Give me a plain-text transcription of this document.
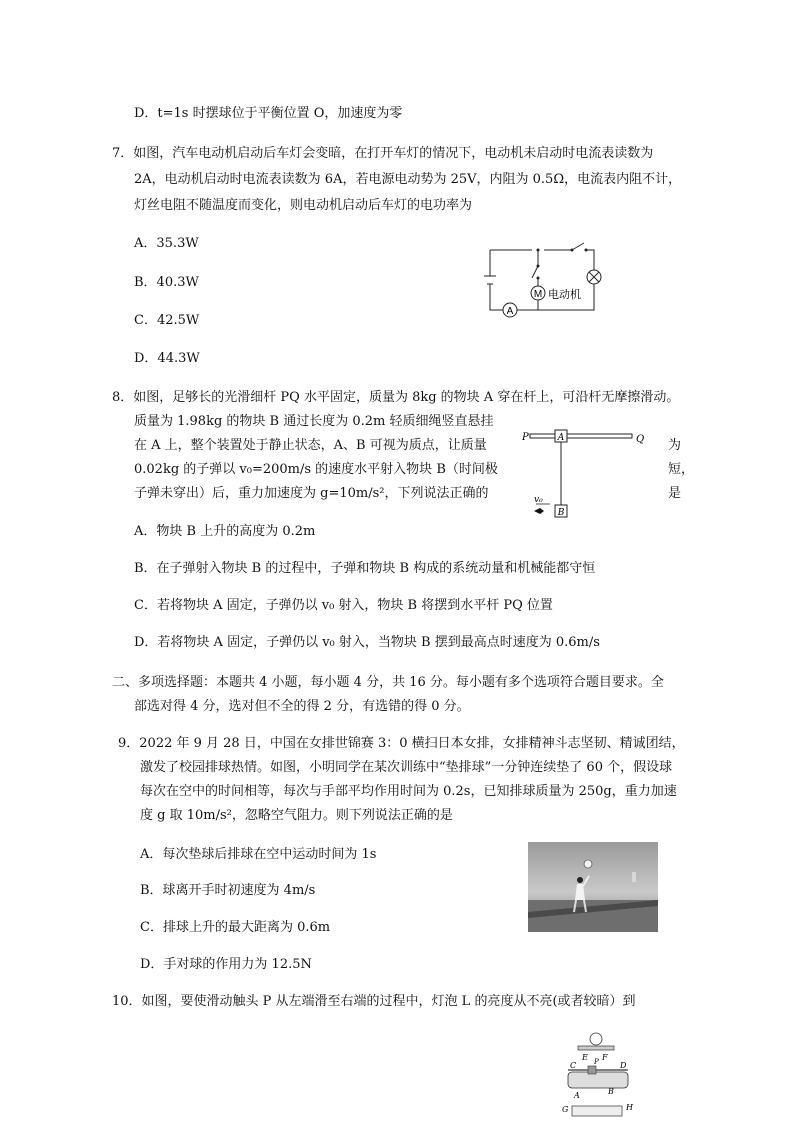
D．t=1s 时摆球位于平衡位置 O，加速度为零
7．如图，汽车电动机启动后车灯会变暗，在打开车灯的情况下，电动机未启动时电流表读数为
2A，电动机启动时电流表读数为 6A，若电源电动势为 25V，内阻为 0.5Ω，电流表内阻不计，
灯丝电阻不随温度而变化，则电动机启动后车灯的电功率为
A．35.3W
B．40.3W
C．42.5W
D．44.3W
M 电动机
A
8．如图，足够长的光滑细杆 PQ 水平固定，质量为 8kg 的物块 A 穿在杆上，可沿杆无摩擦滑动。
质量为 1.98kg 的物块 B 通过长度为 0.2m 轻质细绳竖直悬挂
在 A 上，整个装置处于静止状态，A、B 可视为质点，让质量
0.02kg 的子弹以 v₀=200m/s 的速度水平射入物块 B（时间极
子弹未穿出）后，重力加速度为 g=10m/s²，下列说法正确的
为
短，
是
P	Q
A
B
v₀
A．物块 B 上升的高度为 0.2m
B．在子弹射入物块 B 的过程中，子弹和物块 B 构成的系统动量和机械能都守恒
C．若将物块 A 固定，子弹仍以 v₀ 射入，物块 B 将摆到水平杆 PQ 位置
D．若将物块 A 固定，子弹仍以 v₀ 射入，当物块 B 摆到最高点时速度为 0.6m/s
二、多项选择题：本题共 4 小题，每小题 4 分，共 16 分。每小题有多个选项符合题目要求。全
部选对得 4 分，选对但不全的得 2 分，有选错的得 0 分。
9．2022 年 9 月 28 日，中国在女排世锦赛 3：0 横扫日本女排，女排精神斗志坚韧、精诚团结，
激发了校园排球热情。如图，小明同学在某次训练中“垫排球”一分钟连续垫了 60 个，假设球
每次在空中的时间相等，每次与手部平均作用时间为 0.2s，已知排球质量为 250g，重力加速
度 g 取 10m/s²，忽略空气阻力。则下列说法正确的是
A．每次垫球后排球在空中运动时间为 1s
B．球离开手时初速度为 4m/s
C．排球上升的最大距离为 0.6m
D．手对球的作用力为 12.5N
10．如图，要使滑动触头 P 从左端滑至右端的过程中，灯泡 L 的亮度从不亮(或者较暗）到
E F
C	P	D
A	B
G	H
